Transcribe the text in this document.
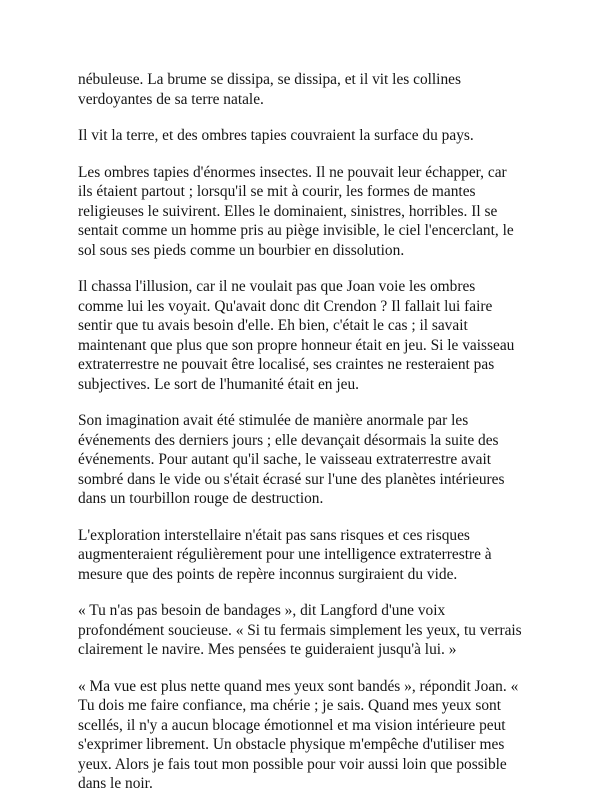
nébuleuse. La brume se dissipa, se dissipa, et il vit les collines verdoyantes de sa terre natale.

Il vit la terre, et des ombres tapies couvraient la surface du pays.

Les ombres tapies d'énormes insectes. Il ne pouvait leur échapper, car ils étaient partout ; lorsqu'il se mit à courir, les formes de mantes religieuses le suivirent. Elles le dominaient, sinistres, horribles. Il se sentait comme un homme pris au piège invisible, le ciel l'encerclant, le sol sous ses pieds comme un bourbier en dissolution.

Il chassa l'illusion, car il ne voulait pas que Joan voie les ombres comme lui les voyait. Qu'avait donc dit Crendon ? Il fallait lui faire sentir que tu avais besoin d'elle. Eh bien, c'était le cas ; il savait maintenant que plus que son propre honneur était en jeu. Si le vaisseau extraterrestre ne pouvait être localisé, ses craintes ne resteraient pas subjectives. Le sort de l'humanité était en jeu.

Son imagination avait été stimulée de manière anormale par les événements des derniers jours ; elle devançait désormais la suite des événements. Pour autant qu'il sache, le vaisseau extraterrestre avait sombré dans le vide ou s'était écrasé sur l'une des planètes intérieures dans un tourbillon rouge de destruction.

L'exploration interstellaire n'était pas sans risques et ces risques augmenteraient régulièrement pour une intelligence extraterrestre à mesure que des points de repère inconnus surgiraient du vide.

« Tu n'as pas besoin de bandages », dit Langford d'une voix profondément soucieuse. « Si tu fermais simplement les yeux, tu verrais clairement le navire. Mes pensées te guideraient jusqu'à lui. »

« Ma vue est plus nette quand mes yeux sont bandés », répondit Joan. « Tu dois me faire confiance, ma chérie ; je sais. Quand mes yeux sont scellés, il n'y a aucun blocage émotionnel et ma vision intérieure peut s'exprimer librement. Un obstacle physique m'empêche d'utiliser mes yeux. Alors je fais tout mon possible pour voir aussi loin que possible dans le noir.
